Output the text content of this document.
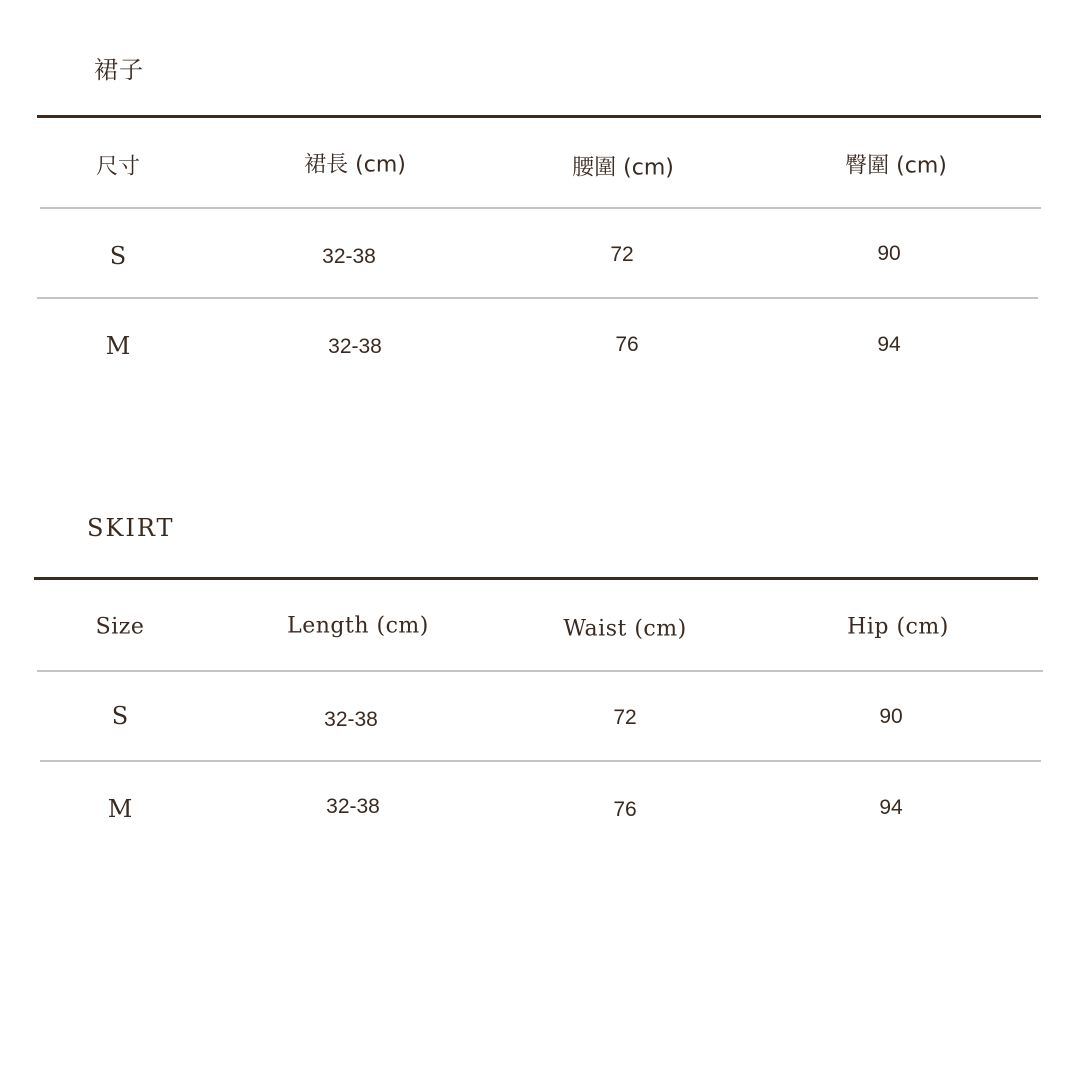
裙子
尺寸	裙長 (cm)	腰圍 (cm)	臀圍 (cm)
S	32-38	72	90
M	32-38	76	94
SKIRT
Size	Length (cm)	Waist (cm)	Hip (cm)
S	32-38	72	90
M	32-38	76	94
